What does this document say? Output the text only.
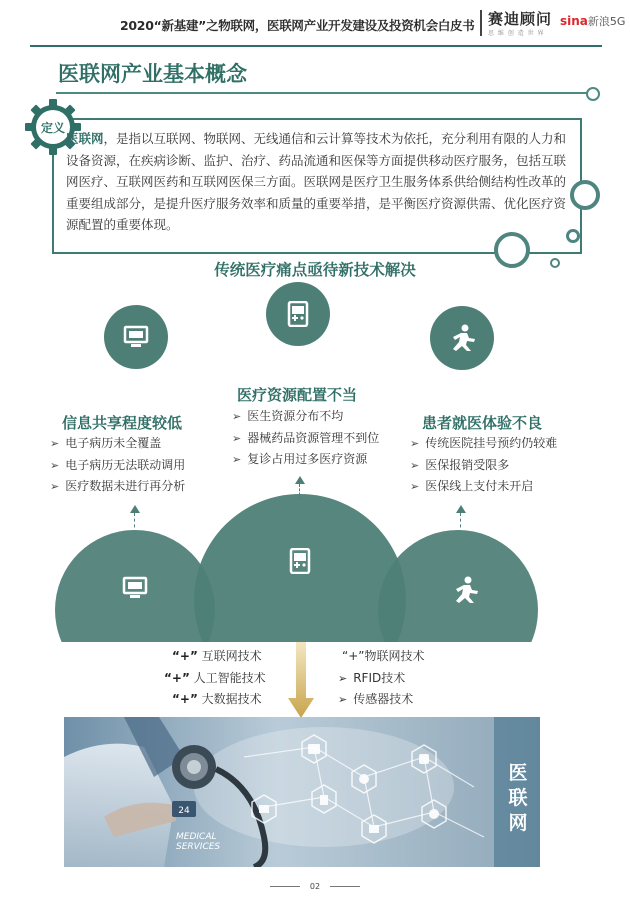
2020“新基建”之物联网，医联网产业开发建设及投资机会白皮书 赛迪顾问
思 维 创 造 世 界
sina新浪5G
医联网产业基本概念
定义
医联网，是指以互联网、物联网、无线通信和云计算等技术为依托，充分利用有限的人力和设备资源，在疾病诊断、监护、治疗、药品流通和医保等方面提供移动医疗服务，包括互联网医疗、互联网医药和互联网医保三方面。医联网是医疗卫生服务体系供给侧结构性改革的重要组成部分，是提升医疗服务效率和质量的重要举措，是平衡医疗资源供需、优化医疗资源配置的重要体现。
传统医疗痛点亟待新技术解决
医疗资源配置不当
➢ 医生资源分布不均
➢ 器械药品资源管理不到位
➢ 复诊占用过多医疗资源
信息共享程度较低
➢ 电子病历未全覆盖
➢ 电子病历无法联动调用
➢ 医疗数据未进行再分析
患者就医体验不良
➢ 传统医院挂号预约仍较难
➢ 医保报销受限多
➢ 医保线上支付未开启
“+” 互联网技术
“+” 人工智能技术
“+” 大数据技术
“+”物联网技术
➢ RFID技术
➢ 传感器技术
24
MEDICAL
SERVICES
医联网
02
